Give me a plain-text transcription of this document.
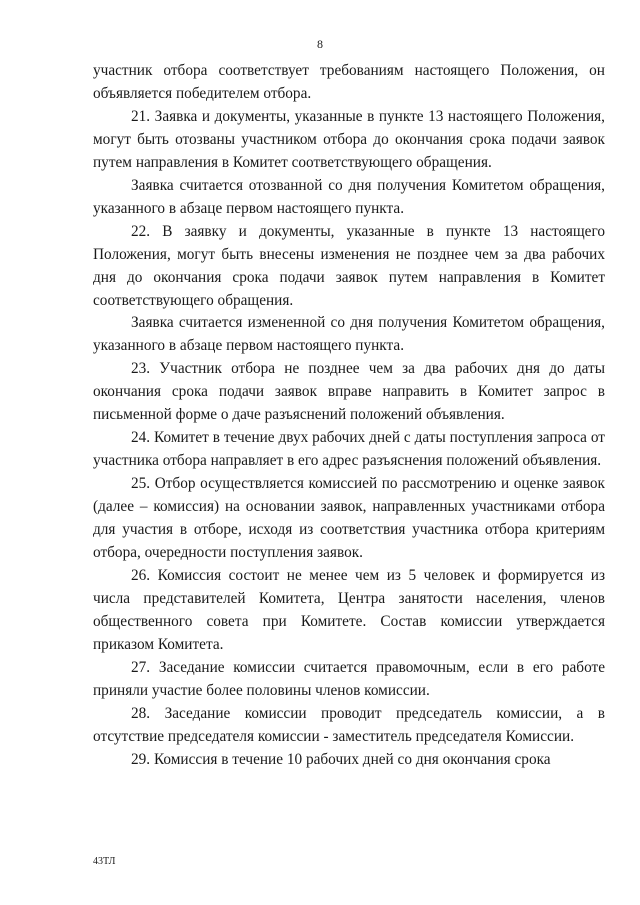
8

участник отбора соответствует требованиям настоящего Положения, он объявляется победителем отбора.

21. Заявка и документы, указанные в пункте 13 настоящего Положения, могут быть отозваны участником отбора до окончания срока подачи заявок путем направления в Комитет соответствующего обращения.

Заявка считается отозванной со дня получения Комитетом обращения, указанного в абзаце первом настоящего пункта.

22. В заявку и документы, указанные в пункте 13 настоящего Положения, могут быть внесены изменения не позднее чем за два рабочих дня до окончания срока подачи заявок путем направления в Комитет соответствующего обращения.

Заявка считается измененной со дня получения Комитетом обращения, указанного в абзаце первом настоящего пункта.

23. Участник отбора не позднее чем за два рабочих дня до даты окончания срока подачи заявок вправе направить в Комитет запрос в письменной форме о даче разъяснений положений объявления.

24. Комитет в течение двух рабочих дней с даты поступления запроса от участника отбора направляет в его адрес разъяснения положений объявления.

25. Отбор осуществляется комиссией по рассмотрению и оценке заявок (далее – комиссия) на основании заявок, направленных участниками отбора для участия в отборе, исходя из соответствия участника отбора критериям отбора, очередности поступления заявок.

26. Комиссия состоит не менее чем из 5 человек и формируется из числа представителей Комитета, Центра занятости населения, членов общественного совета при Комитете. Состав комиссии утверждается приказом Комитета.

27. Заседание комиссии считается правомочным, если в его работе приняли участие более половины членов комиссии.

28. Заседание комиссии проводит председатель комиссии, а в отсутствие председателя комиссии - заместитель председателя Комиссии.

29. Комиссия в течение 10 рабочих дней со дня окончания срока

43ТЛ
